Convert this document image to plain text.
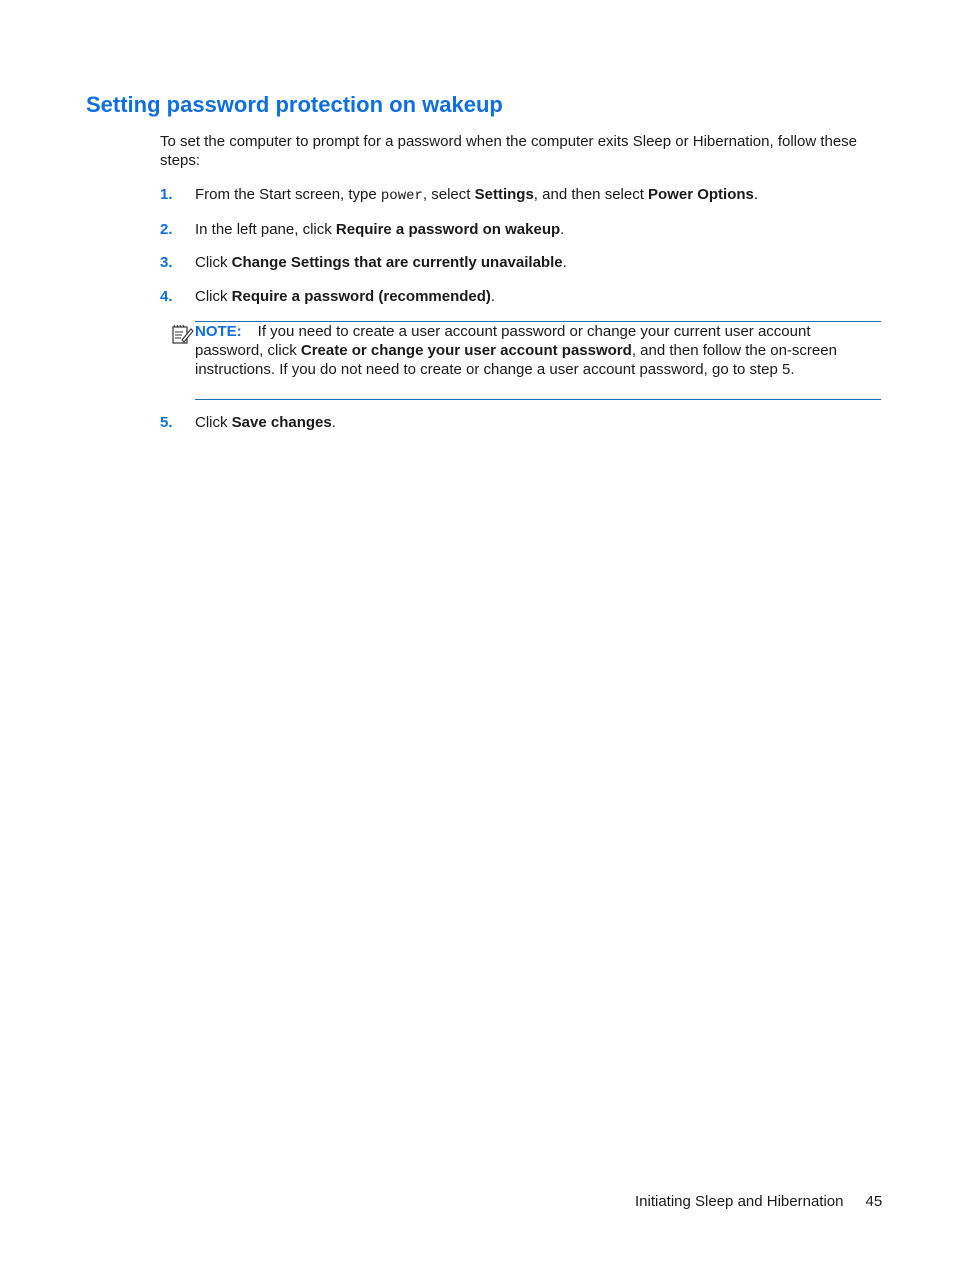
Setting password protection on wakeup

To set the computer to prompt for a password when the computer exits Sleep or Hibernation, follow these steps:

1. From the Start screen, type power, select Settings, and then select Power Options.
2. In the left pane, click Require a password on wakeup.
3. Click Change Settings that are currently unavailable.
4. Click Require a password (recommended).
NOTE: If you need to create a user account password or change your current user account password, click Create or change your user account password, and then follow the on-screen instructions. If you do not need to create or change a user account password, go to step 5.
5. Click Save changes.
Initiating Sleep and Hibernation 45
